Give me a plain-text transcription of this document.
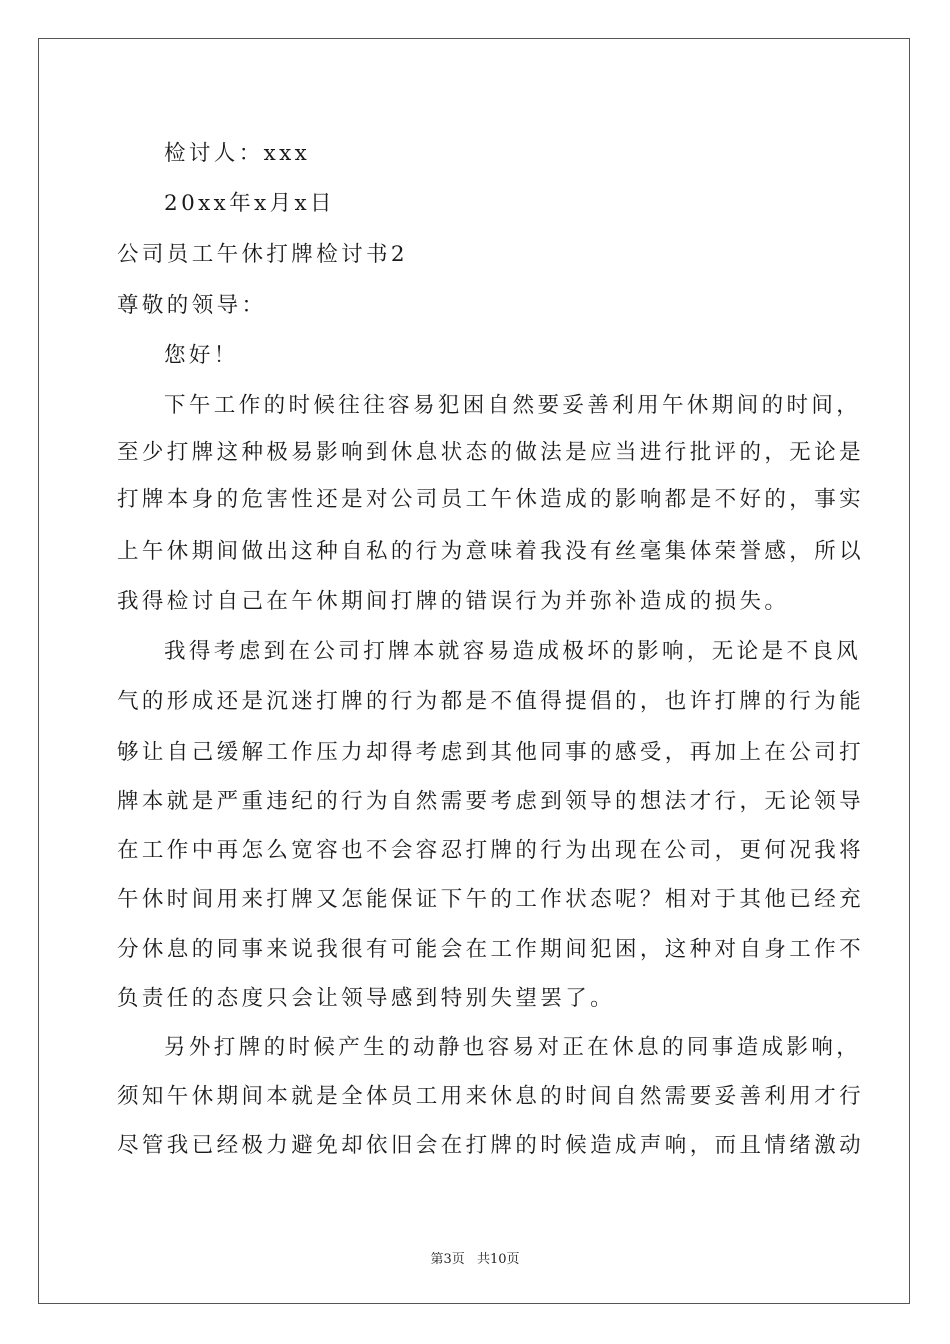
检讨人：xxx
20xx年x月x日
公司员工午休打牌检讨书2
尊敬的领导：
您好！
下午工作的时候往往容易犯困自然要妥善利用午休期间的时间，
至少打牌这种极易影响到休息状态的做法是应当进行批评的，无论是
打牌本身的危害性还是对公司员工午休造成的影响都是不好的，事实
上午休期间做出这种自私的行为意味着我没有丝毫集体荣誉感，所以
我得检讨自己在午休期间打牌的错误行为并弥补造成的损失。
我得考虑到在公司打牌本就容易造成极坏的影响，无论是不良风
气的形成还是沉迷打牌的行为都是不值得提倡的，也许打牌的行为能
够让自己缓解工作压力却得考虑到其他同事的感受，再加上在公司打
牌本就是严重违纪的行为自然需要考虑到领导的想法才行，无论领导
在工作中再怎么宽容也不会容忍打牌的行为出现在公司，更何况我将
午休时间用来打牌又怎能保证下午的工作状态呢？相对于其他已经充
分休息的同事来说我很有可能会在工作期间犯困，这种对自身工作不
负责任的态度只会让领导感到特别失望罢了。
另外打牌的时候产生的动静也容易对正在休息的同事造成影响，
须知午休期间本就是全体员工用来休息的时间自然需要妥善利用才行
尽管我已经极力避免却依旧会在打牌的时候造成声响，而且情绪激动
第3页 共10页
